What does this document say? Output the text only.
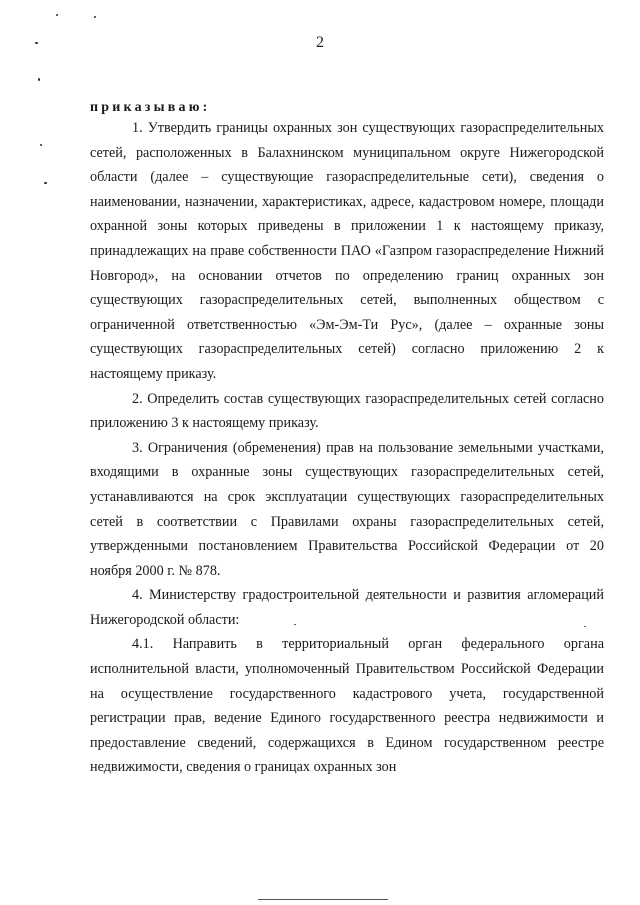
2
приказываю:

1. Утвердить границы охранных зон существующих газораспределительных сетей, расположенных в Балахнинском муниципальном округе Нижегородской области (далее – существующие газораспределительные сети), сведения о наименовании, назначении, характеристиках, адресе, кадастровом номере, площади охранной зоны которых приведены в приложении 1 к настоящему приказу, принадлежащих на праве собственности ПАО «Газпром газораспределение Нижний Новгород», на основании отчетов по определению границ охранных зон существующих газораспределительных сетей, выполненных обществом с ограниченной ответственностью «Эм-Эм-Ти Рус», (далее – охранные зоны существующих газораспределительных сетей) согласно приложению 2 к настоящему приказу.

2. Определить состав существующих газораспределительных сетей согласно приложению 3 к настоящему приказу.

3. Ограничения (обременения) прав на пользование земельными участками, входящими в охранные зоны существующих газораспределительных сетей, устанавливаются на срок эксплуатации существующих газораспределительных сетей в соответствии с Правилами охраны газораспределительных сетей, утвержденными постановлением Правительства Российской Федерации от 20 ноября 2000 г. № 878.

4. Министерству градостроительной деятельности и развития агломераций Нижегородской области:

4.1. Направить в территориальный орган федерального органа исполнительной власти, уполномоченный Правительством Российской Федерации на осуществление государственного кадастрового учета, государственной регистрации прав, ведение Единого государственного реестра недвижимости и предоставление сведений, содержащихся в Едином государственном реестре недвижимости, сведения о границах охранных зон
